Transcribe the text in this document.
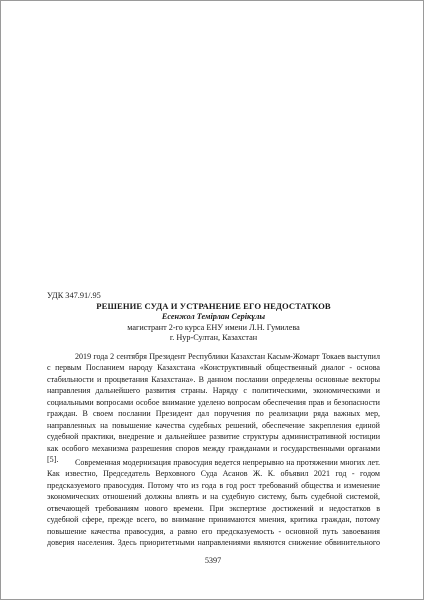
УДК 347.91/.95
РЕШЕНИЕ СУДА И УСТРАНЕНИЕ ЕГО НЕДОСТАТКОВ
Есенжол Темірлан Серікұлы
магистрант 2-го курса ЕНУ имени Л.Н. Гумилева
г. Нур-Султан, Казахстан
2019 года 2 сентября Президент Республики Казахстан Касым-Жомарт Токаев выступил
с первым Посланием народу Казахстана «Конструктивный общественный диалог - основа
стабильности и процветания Казахстана». В данном послании определены основные векторы
направления дальнейшего развития страны. Наряду с политическими, экономическими и
социальными вопросами особое внимание уделено вопросам обеспечения прав и безопасности
граждан. В своем послании Президент дал поручения по реализации ряда важных мер,
направленных на повышение качества судебных решений, обеспечение закрепления единой
судебной практики, внедрение и дальнейшее развитие структуры административной юстиции
как особого механизма разрешения споров между гражданами и государственными органами
[5].	Современная модернизация правосудия ведется непрерывно на протяжении многих лет.
Как известно, Председатель Верховного Суда Асанов Ж. К. объявил 2021 год - годом
предсказуемого правосудия. Потому что из года в год рост требований общества и изменение
экономических отношений должны влиять и на судебную систему, быть судебной системой,
отвечающей требованиям нового времени. При экспертизе достижений и недостатков в
судебной сфере, прежде всего, во внимание принимаются мнения, критика граждан, потому
повышение качества правосудия, а равно его предсказуемость - основной путь завоевания
доверия населения. Здесь приоритетными направлениями являются снижение обвинительного
5397
